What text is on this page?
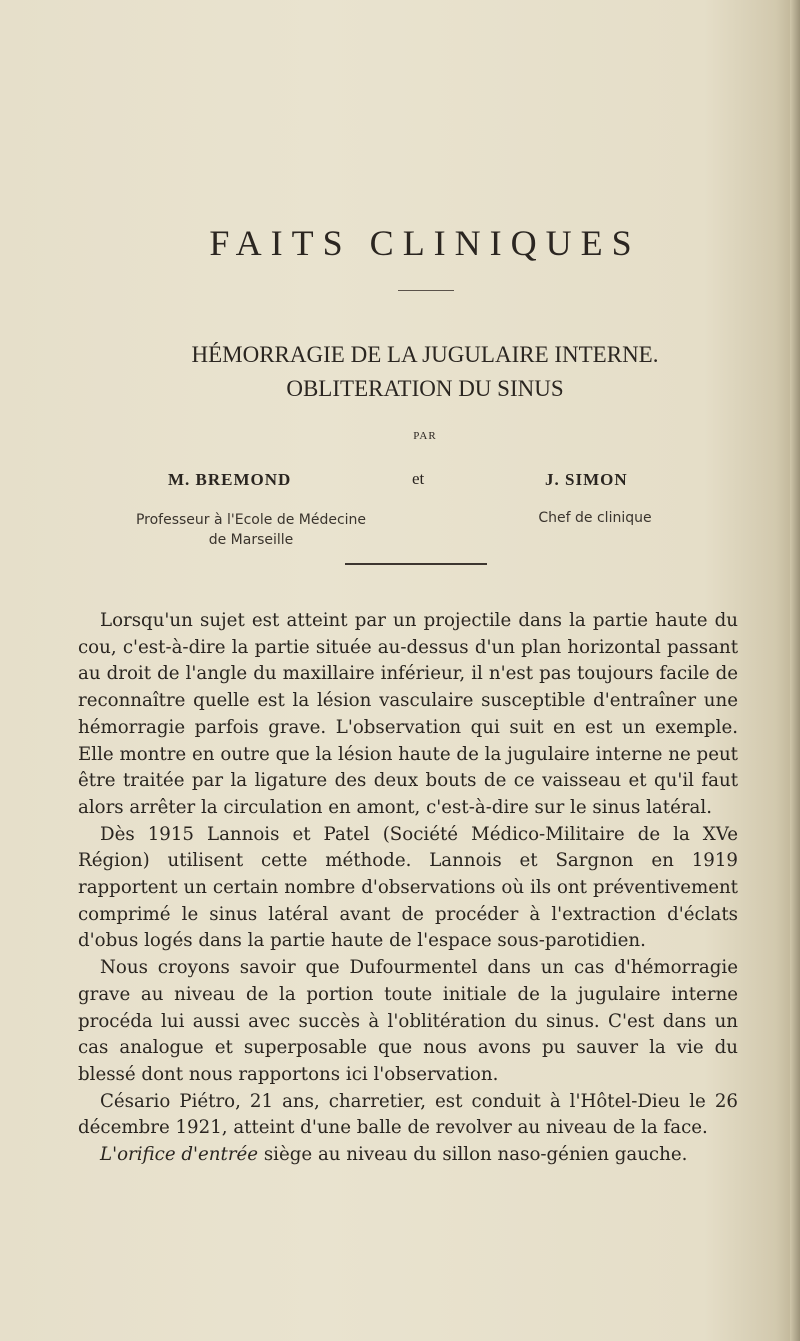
FAITS CLINIQUES
HÉMORRAGIE DE LA JUGULAIRE INTERNE.
OBLITERATION DU SINUS
PAR
M. BREMOND	et	J. SIMON
Professeur à l'Ecole de Médecine
de Marseille
Chef de clinique

Lorsqu'un sujet est atteint par un projectile dans la partie haute du cou, c'est-à-dire la partie située au-dessus d'un plan horizontal passant au droit de l'angle du maxillaire inférieur, il n'est pas toujours facile de reconnaître quelle est la lésion vasculaire susceptible d'entraîner une hémorragie parfois grave. L'observation qui suit en est un exemple. Elle montre en outre que la lésion haute de la jugulaire interne ne peut être traitée par la ligature des deux bouts de ce vaisseau et qu'il faut alors arrêter la circulation en amont, c'est-à-dire sur le sinus latéral.

Dès 1915 Lannois et Patel (Société Médico-Militaire de la XVe Région) utilisent cette méthode. Lannois et Sargnon en 1919 rapportent un certain nombre d'observations où ils ont préventivement comprimé le sinus latéral avant de procéder à l'extraction d'éclats d'obus logés dans la partie haute de l'espace sous-parotidien.

Nous croyons savoir que Dufourmentel dans un cas d'hémorragie grave au niveau de la portion toute initiale de la jugulaire interne procéda lui aussi avec succès à l'oblitération du sinus. C'est dans un cas analogue et superposable que nous avons pu sauver la vie du blessé dont nous rapportons ici l'observation.

Césario Piétro, 21 ans, charretier, est conduit à l'Hôtel-Dieu le 26 décembre 1921, atteint d'une balle de revolver au niveau de la face.

L'orifice d'entrée siège au niveau du sillon naso-génien gauche.
